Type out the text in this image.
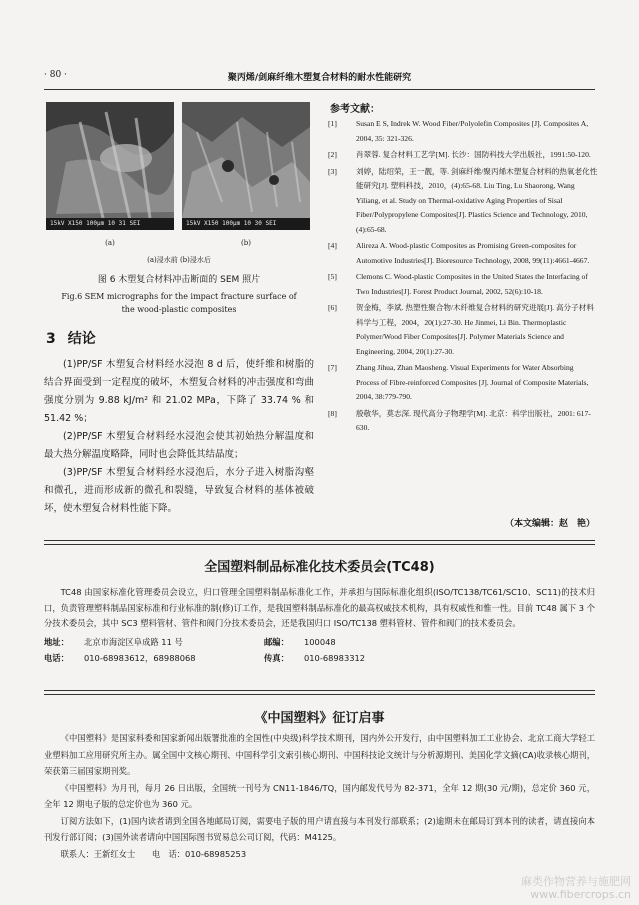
· 80 ·	聚丙烯/剑麻纤维木塑复合材料的耐水性能研究
15kV X150 100μm 10 31 SEI	15kV X150 100μm 10 30 SEI
(a)	(b)
(a)浸水前 (b)浸水后
图 6 木塑复合材料冲击断面的 SEM 照片
Fig.6 SEM micrographs for the impact fracture surface of
the wood-plastic composites
3 结论

(1)PP/SF 木塑复合材料经水浸泡 8 d 后，使纤维和树脂的结合界面受到一定程度的破坏，木塑复合材料的冲击强度和弯曲强度分别为 9.88 kJ/m² 和 21.02 MPa，下降了 33.74 % 和 51.42 %；

(2)PP/SF 木塑复合材料经水浸泡会使其初始热分解温度和最大热分解温度略降，同时也会降低其结晶度；

(3)PP/SF 木塑复合材料经水浸泡后，水分子进入树脂沟壑和微孔，进而形成新的微孔和裂缝，导致复合材料的基体被破坏，使木塑复合材料性能下降。

参考文献：
[1]	Susan E S, Indrek W. Wood Fiber/Polyolefin Composites [J]. Composites A, 2004, 35: 321-326.
[2]	肖翠蓉. 复合材料工艺学[M]. 长沙：国防科技大学出版社，1991:50-120.
[3]	刘婷，陆绍荣，王一靓，等. 剑麻纤维/聚丙烯木塑复合材料的热氧老化性能研究[J]. 塑料科技，2010，(4):65-68. Liu Ting, Lu Shaorong, Wang Yiliang, et al. Study on Thermal-oxidative Aging Properties of Sisal Fiber/Polypropylene Composites[J]. Plastics Science and Technology, 2010, (4):65-68.
[4]	Alireza A. Wood-plastic Composites as Promising Green-composites for Automotive Industries[J]. Bioresource Technology, 2008, 99(11):4661-4667.
[5]	Clemons C. Wood-plastic Composites in the United States the Interfacing of Two Industries[J]. Forest Product Journal, 2002, 52(6):10-18.
[6]	贺金梅，李斌. 热塑性聚合物/木纤维复合材料的研究进展[J]. 高分子材料科学与工程，2004，20(1):27-30. He Jinmei, Li Bin. Thermoplastic Polymer/Wood Fiber Composites[J]. Polymer Materials Science and Engineering, 2004, 20(1):27-30.
[7]	Zhang Jihua, Zhan Maosheng. Visual Experiments for Water Absorbing Process of Fibre-reinforced Composites [J]. Journal of Composite Materials, 2004, 38:779-790.
[8]	殷敬华，莫志深. 现代高分子物理学[M]. 北京：科学出版社，2001: 617-630.
（本文编辑：赵　艳）
全国塑料制品标准化技术委员会(TC48)

TC48 由国家标准化管理委员会设立，归口管理全国塑料制品标准化工作，并承担与国际标准化组织(ISO/TC138/TC61/SC10、SC11)的技术归口，负责管理塑料制品国家标准和行业标准的制(修)订工作，是我国塑料制品标准化的最高权威技术机构，具有权威性和惟一性。目前 TC48 属下 3 个分技术委员会，其中 SC3 塑料管材、管件和阀门分技术委员会，还是我国归口 ISO/TC138 塑料管材、管件和阀门的技术委员会。

地址： 北京市海淀区阜成路 11 号	邮编： 100048
电话： 010-68983612，68988068	传真： 010-68983312
《中国塑料》征订启事

《中国塑料》是国家科委和国家新闻出版署批准的全国性(中央级)科学技术期刊，国内外公开发行，由中国塑料加工工业协会、北京工商大学轻工业塑料加工应用研究所主办。属全国中文核心期刊、中国科学引文索引核心期刊、中国科技论文统计与分析源期刊、美国化学文摘(CA)收录核心期刊，荣获第三届国家期刊奖。

《中国塑料》为月刊，每月 26 日出版，全国统一刊号为 CN11-1846/TQ，国内邮发代号为 82-371，全年 12 期(30 元/期)，总定价 360 元，全年 12 期电子版的总定价也为 360 元。

订阅方法如下，(1)国内读者请到全国各地邮局订阅，需要电子版的用户请直接与本刊发行部联系；(2)逾期未在邮局订到本刊的读者，请直接向本刊发行部订阅；(3)国外读者请向中国国际图书贸易总公司订阅，代码：M4125。

联系人：王新红女士　　电　话：010-68985253

麻类作物营养与施肥网
www.fibercrops.cn
